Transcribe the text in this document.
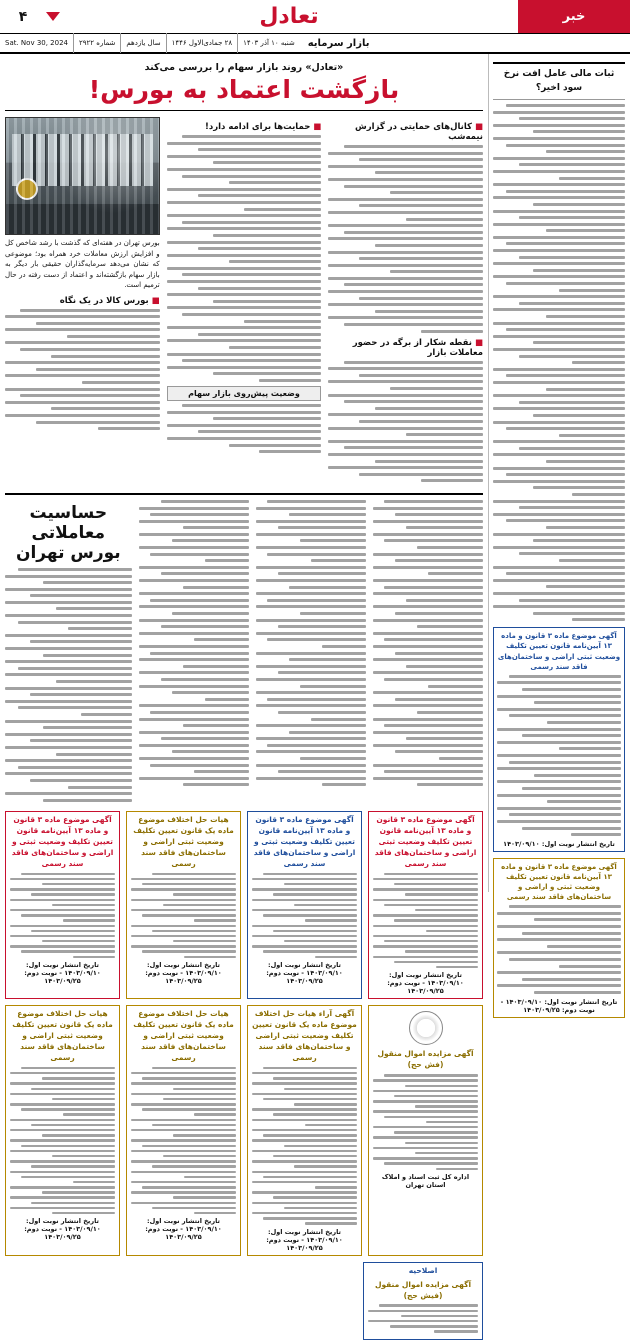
خبر
تعادل
۴
بازار سرمایه
شنبه ۱۰ آذر ۱۴۰۳
۲۸ جمادی‌الاول ۱۴۴۶
سال یازدهم
شماره ۲۹۲۲
Sat. Nov 30, 2024
ثبات مالی عامل افت نرخ سود اخیر؟
آگهی موضوع ماده ۳ قانون و ماده ۱۳ آیین‌نامه قانون تعیین تکلیف وضعیت ثبتی اراضی و ساختمان‌های فاقد سند رسمی
تاریخ انتشار نوبت اول: ۱۴۰۳/۰۹/۱۰
آگهی موضوع ماده ۳ قانون و ماده ۱۳ آیین‌نامه قانون تعیین تکلیف وضعیت ثبتی و اراضی و ساختمان‌های فاقد سند رسمی
تاریخ انتشار نوبت اول: ۱۴۰۳/۰۹/۱۰ - نوبت دوم: ۱۴۰۳/۰۹/۲۵
«تعادل» روند بازار سهام را بررسی می‌کند
بازگشت اعتماد به بورس!
■ کانال‌های حمایتی در گزارش نیمه‌شب
■ نقطه شکار از برگه در حضور معاملات بازار
■ حمایت‌ها برای ادامه دارد!
وضعیت پیش‌روی بازار سهام
بورس تهران در هفته‌ای که گذشت با رشد شاخص کل و افزایش ارزش معاملات خرد همراه بود؛ موضوعی که نشان می‌دهد سرمایه‌گذاران حقیقی بار دیگر به بازار سهام بازگشته‌اند و اعتماد از دست رفته در حال ترمیم است.
■ بورس کالا در یک نگاه
حساسیت معاملاتی بورس تهران
آگهی موضوع ماده ۳ قانون و ماده ۱۳ آیین‌نامه قانون تعیین تکلیف وضعیت ثبتی اراضی و ساختمان‌های فاقد سند رسمی
تاریخ انتشار نوبت اول: ۱۴۰۳/۰۹/۱۰ - نوبت دوم: ۱۴۰۳/۰۹/۲۵
آگهی موضوع ماده ۳ قانون و ماده ۱۳ آیین‌نامه قانون تعیین تکلیف وضعیت ثبتی و اراضی و ساختمان‌های فاقد سند رسمی
تاریخ انتشار نوبت اول: ۱۴۰۳/۰۹/۱۰ - نوبت دوم: ۱۴۰۳/۰۹/۲۵
هیات حل اختلاف موضوع ماده یک قانون تعیین تکلیف وضعیت ثبتی اراضی و ساختمان‌های فاقد سند رسمی
تاریخ انتشار نوبت اول: ۱۴۰۳/۰۹/۱۰ - نوبت دوم: ۱۴۰۳/۰۹/۲۵
آگهی موضوع ماده ۳ قانون و ماده ۱۳ آیین‌نامه قانون تعیین تکلیف وضعیت ثبتی و اراضی و ساختمان‌های فاقد سند رسمی
تاریخ انتشار نوبت اول: ۱۴۰۳/۰۹/۱۰ - نوبت دوم: ۱۴۰۳/۰۹/۲۵
آگهی مزایده اموال منقول (فش حج)
اداره کل ثبت اسناد و املاک استان تهران
آگهی آراء هیات حل اختلاف موضوع ماده یک قانون تعیین تکلیف وضعیت ثبتی اراضی و ساختمان‌های فاقد سند رسمی
تاریخ انتشار نوبت اول: ۱۴۰۳/۰۹/۱۰ - نوبت دوم: ۱۴۰۳/۰۹/۲۵
هیات حل اختلاف موضوع ماده یک قانون تعیین تکلیف وضعیت ثبتی اراضی و ساختمان‌های فاقد سند رسمی
تاریخ انتشار نوبت اول: ۱۴۰۳/۰۹/۱۰ - نوبت دوم: ۱۴۰۳/۰۹/۲۵
هیات حل اختلاف موضوع ماده یک قانون تعیین تکلیف وضعیت ثبتی اراضی و ساختمان‌های فاقد سند رسمی
تاریخ انتشار نوبت اول: ۱۴۰۳/۰۹/۱۰ - نوبت دوم: ۱۴۰۳/۰۹/۲۵
اصلاحیه
آگهی مزایده اموال منقول (فیش حج)
